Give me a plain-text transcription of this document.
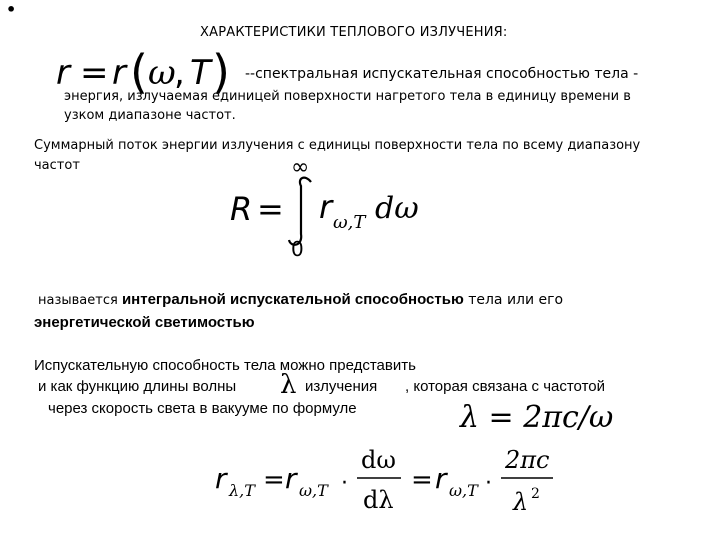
•
ХАРАКТЕРИСТИКИ ТЕПЛОВОГО ИЗЛУЧЕНИЯ:
r = r ( ω
, T ) --спектральная испускательная способностью тела -
энергия, излучаемая единицей поверхности нагретого тела в единицу времени в
узком диапазоне частот.
Суммарный поток энергии излучения с единицы поверхности тела по всему диапазону
частот
R =
∞
0
r ω,T dω
называется интегральной испускательной способностью тела или его
энергетической светимостью
Испускательную способность тела можно представить
и как функцию длины волны λ излучения , которая связана с частотой
через скорость света в вакууме по формуле	λ = 2πc/ω
r λ,T = r ω,T ·
dω
dλ
= r ω,T ·
2πc
λ 2
